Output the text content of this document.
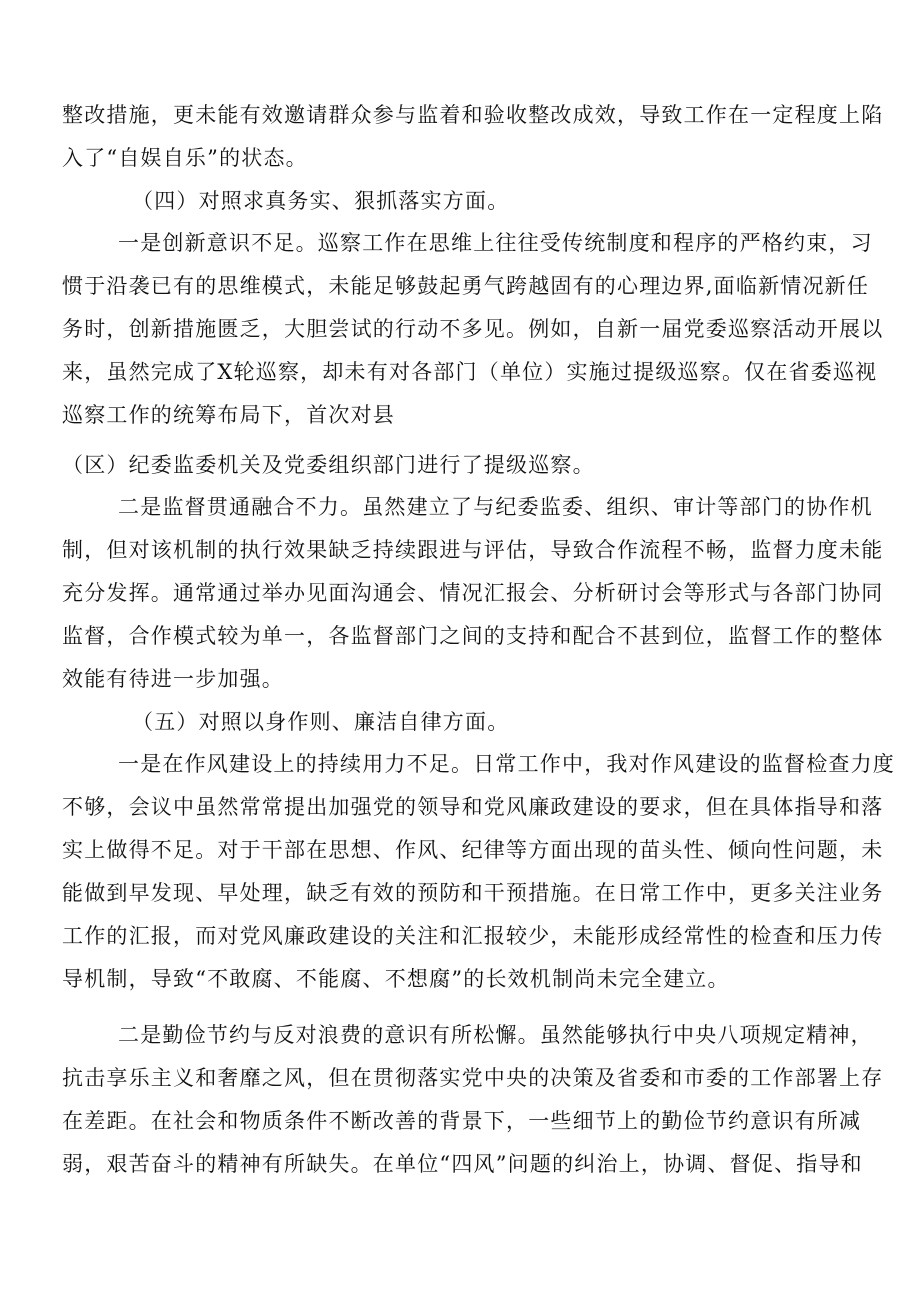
整改措施，更未能有效邀请群众参与监着和验收整改成效，导致工作在一定程度上陷
入了“自娱自乐”的状态。
（四）对照求真务实、狠抓落实方面。
一是创新意识不足。巡察工作在思维上往往受传统制度和程序的严格约束，习
惯于沿袭已有的思维模式，未能足够鼓起勇气跨越固有的心理边界,面临新情况新任
务时，创新措施匮乏，大胆尝试的行动不多见。例如，自新一届党委巡察活动开展以
来，虽然完成了X轮巡察，却未有对各部门（单位）实施过提级巡察。仅在省委巡视
巡察工作的统筹布局下，首次对县
（区）纪委监委机关及党委组织部门进行了提级巡察。
二是监督贯通融合不力。虽然建立了与纪委监委、组织、审计等部门的协作机
制，但对该机制的执行效果缺乏持续跟进与评估，导致合作流程不畅，监督力度未能
充分发挥。通常通过举办见面沟通会、情况汇报会、分析研讨会等形式与各部门协同
监督，合作模式较为单一，各监督部门之间的支持和配合不甚到位，监督工作的整体
效能有待进一步加强。
（五）对照以身作则、廉洁自律方面。
一是在作风建设上的持续用力不足。日常工作中，我对作风建设的监督检查力度
不够，会议中虽然常常提出加强党的领导和党风廉政建设的要求，但在具体指导和落
实上做得不足。对于干部在思想、作风、纪律等方面出现的苗头性、倾向性问题，未
能做到早发现、早处理，缺乏有效的预防和干预措施。在日常工作中，更多关注业务
工作的汇报，而对党风廉政建设的关注和汇报较少，未能形成经常性的检查和压力传
导机制，导致“不敢腐、不能腐、不想腐”的长效机制尚未完全建立。
二是勤俭节约与反对浪费的意识有所松懈。虽然能够执行中央八项规定精神，
抗击享乐主义和奢靡之风，但在贯彻落实党中央的决策及省委和市委的工作部署上存
在差距。在社会和物质条件不断改善的背景下，一些细节上的勤俭节约意识有所减
弱，艰苦奋斗的精神有所缺失。在单位“四风”问题的纠治上，协调、督促、指导和
